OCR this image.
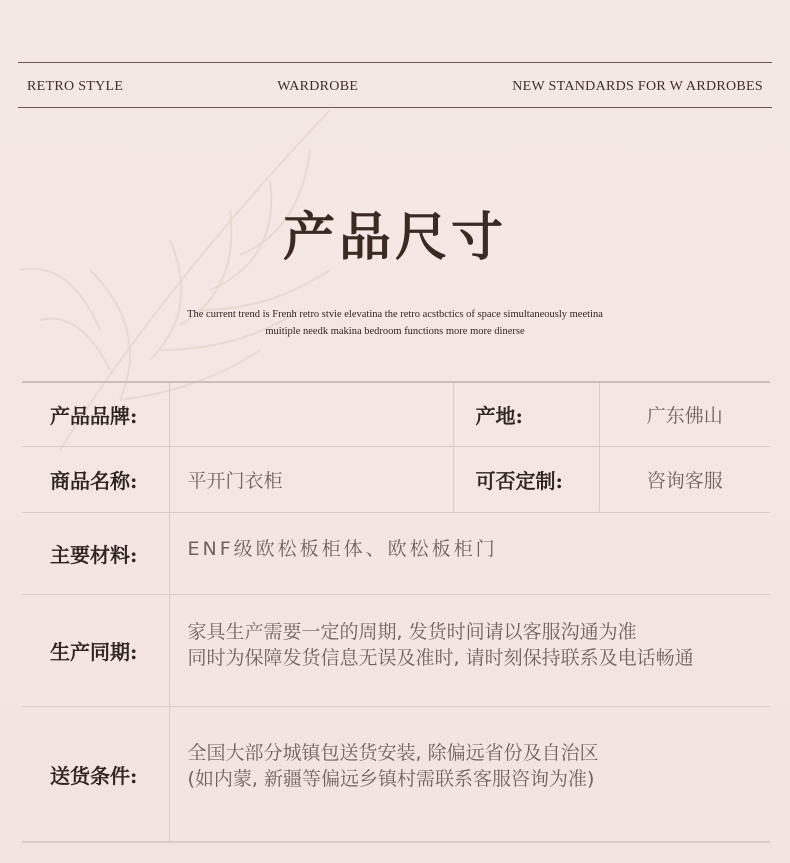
RETRO STYLE	WARDROBE	NEW STANDARDS FOR W ARDROBES
产品尺寸
The current trend is Frenh retro stvie elevatina the retro acstbctics of space simultaneously meetina
muitiple needk makina bedroom functions more more dinerse
产品品牌:		产地:	广东佛山
商品名称:	平开门衣柜	可否定制:	咨询客服
主要材料:	ENF级欧松板柜体、欧松板柜门		
生产同期:	家具生产需要一定的周期, 发货时间请以客服沟通为准
同时为保障发货信息无误及准时, 请时刻保持联系及电话畅通		

送货条件:	全国大部分城镇包送货安装, 除偏远省份及自治区
(如内蒙, 新疆等偏远乡镇村需联系客服咨询为准)		
